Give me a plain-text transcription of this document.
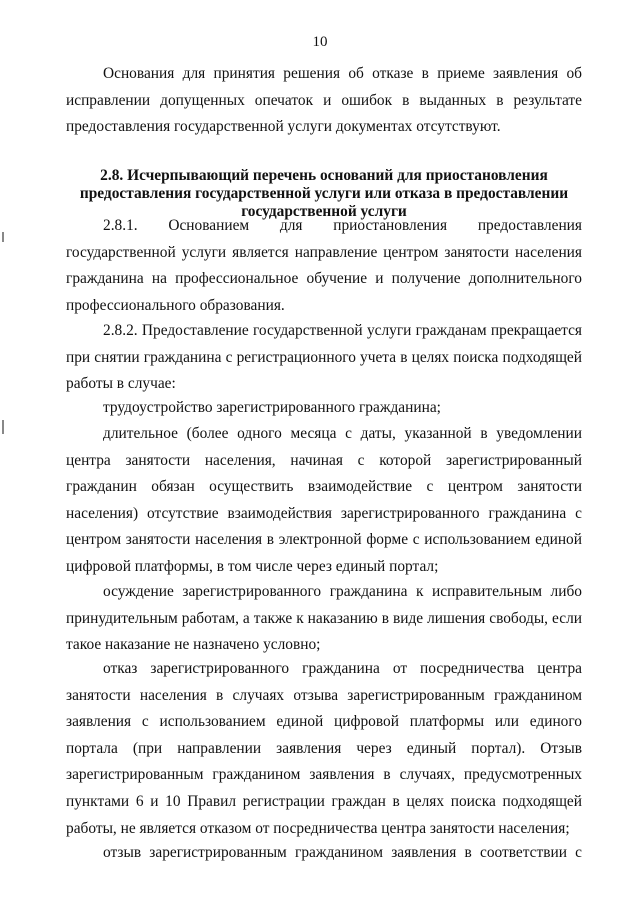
10

Основания для принятия решения об отказе в приеме заявления об исправлении допущенных опечаток и ошибок в выданных в результате предоставления государственной услуги документах отсутствуют.

2.8. Исчерпывающий перечень оснований для приостановления предоставления государственной услуги или отказа в предоставлении государственной услуги

2.8.1. Основанием для приостановления предоставления государственной услуги является направление центром занятости населения гражданина на профессиональное обучение и получение дополнительного профессионального образования.

2.8.2. Предоставление государственной услуги гражданам прекращается при снятии гражданина с регистрационного учета в целях поиска подходящей работы в случае:

трудоустройство зарегистрированного гражданина;

длительное (более одного месяца с даты, указанной в уведомлении центра занятости населения, начиная с которой зарегистрированный гражданин обязан осуществить взаимодействие с центром занятости населения) отсутствие взаимодействия зарегистрированного гражданина с центром занятости населения в электронной форме с использованием единой цифровой платформы, в том числе через единый портал;

осуждение зарегистрированного гражданина к исправительным либо принудительным работам, а также к наказанию в виде лишения свободы, если такое наказание не назначено условно;

отказ зарегистрированного гражданина от посредничества центра занятости населения в случаях отзыва зарегистрированным гражданином заявления с использованием единой цифровой платформы или единого портала (при направлении заявления через единый портал). Отзыв зарегистрированным гражданином заявления в случаях, предусмотренных пунктами 6 и 10 Правил регистрации граждан в целях поиска подходящей работы, не является отказом от посредничества центра занятости населения;

отзыв зарегистрированным гражданином заявления в соответствии с
